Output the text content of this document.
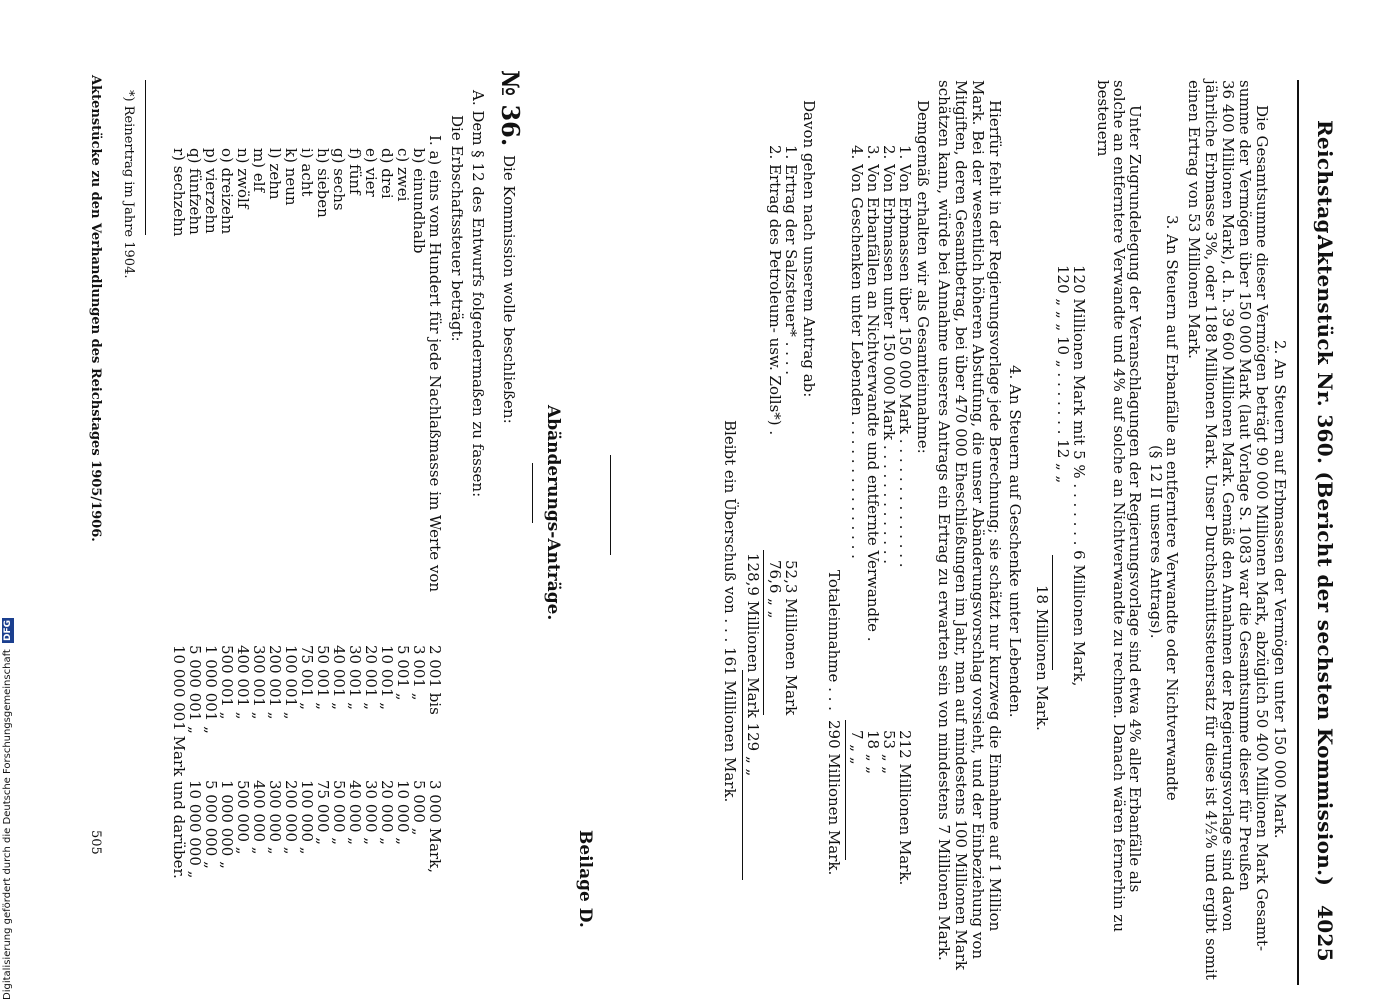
Reichstag.
Aktenstück Nr. 360. (Bericht der sechsten Kommission.)
4025
2. An Steuern auf Erbmassen der Vermögen unter 150 000 Mark.
Die Gesamtsumme dieser Vermögen beträgt 90 000 Millionen Mark, abzüglich 50 400 Millionen Mark Gesamt-
summe der Vermögen über 150 000 Mark (laut Vorlage S. 1083 war die Gesamtsumme dieser für Preußen
36 400 Millionen Mark), d. h. 39 600 Millionen Mark. Gemäß den Annahmen der Regierungsvorlage sind davon
jährliche Erbmasse 3%, oder 1188 Millionen Mark. Unser Durchschnittssteuersatz für diese ist 4½% und ergibt somit
einen Ertrag von 53 Millionen Mark.
3. An Steuern auf Erbanfälle an entferntere Verwandte oder Nichtverwandte
(§ 12 II unseres Antrags).
Unter Zugrundelegung der Veranschlagungen der Regierungsvorlage sind etwa 4% aller Erbanfälle als
solche an entferntere Verwandte und 4% auf solche an Nichtverwandte zu rechnen. Danach wären fernerhin zu
besteuern
120 Millionen Mark mit 5 % . . . . . . . 6 Millionen Mark,
120 „ „ „ 10 „ . . . . . . . 12 „ „
18 Millionen Mark.
4. An Steuern auf Geschenke unter Lebenden.
Hierfür fehlt in der Regierungsvorlage jede Berechnung; sie schätzt nur kurzweg die Einnahme auf 1 Million
Mark. Bei der wesentlich höheren Abstufung, die unser Abänderungsvorschlag vorsieht, und der Einbeziehung von
Mitgiften, deren Gesamtbetrag, bei über 470 000 Eheschließungen im Jahr, man auf mindestens 100 Millionen Mark
schätzen kann, würde bei Annahme unseres Antrags ein Ertrag zu erwarten sein von mindestens 7 Millionen Mark.
Demgemäß erhalten wir als Gesamteinnahme:
1. Von Erbmassen über 150 000 Mark . . . . . . . . . . . . . .
212 Millionen Mark.
2. Von Erbmassen unter 150 000 Mark . . . . . . . . . . . . .
53 „ „
3. Von Erbanfällen an Nichtverwandte und entfernte Verwandte .
18 „ „
4. Von Geschenken unter Lebenden . . . . . . . . . . . . . . .
7 „ „
Totaleinnahme . . .
290 Millionen Mark.
Davon gehen nach unserem Antrag ab:
1. Ertrag der Salzsteuer* . . . .
52,3 Millionen Mark
2. Ertrag des Petroleum- usw. Zolls*) .
76,6 „ „
128,9 Millionen Mark 129 „ „
Bleibt ein Überschuß von . . . 161 Millionen Mark.
Beilage D.
Abänderungs-Anträge.
№ 36.
Die Kommission wolle beschließen:
A. Dem § 12 des Entwurfs folgendermaßen zu fassen:
Die Erbschaftssteuer beträgt:
I. a) eins vom Hundert für jede Nachlaßmasse im Werte von
b) einundhalb
c) zwei
d) drei
e) vier
f) fünf
g) sechs
h) sieben
i) acht
k) neun
l) zehn
m) elf
n) zwölf
o) dreizehn
p) vierzehn
q) fünfzehn
r) sechzehn
3 001 „
5 001 „
10 001 „
20 001 „
30 001 „
40 001 „
50 001 „
75 001 „
100 001 „
200 001 „
300 001 „
400 001 „
500 001 „
1 000 001 „
5 000 001 „
10 000 001 Mark und darüber.	2 001 bis
5 000 „
10 000 „
20 000 „
30 000 „
40 000 „
50 000 „
75 000 „
100 000 „
200 000 „
300 000 „
400 000 „
500 000 „
1 000 000 „
5 000 000 „
10 000 000 „	3 000 Mark,
*) Reinertrag im Jahre 1904.
Aktenstücke zu den Verhandlungen des Reichstages 1905/1906.
505
Digitalisierung gefördert durch die Deutsche Forschungsgemeinschaft DFG
